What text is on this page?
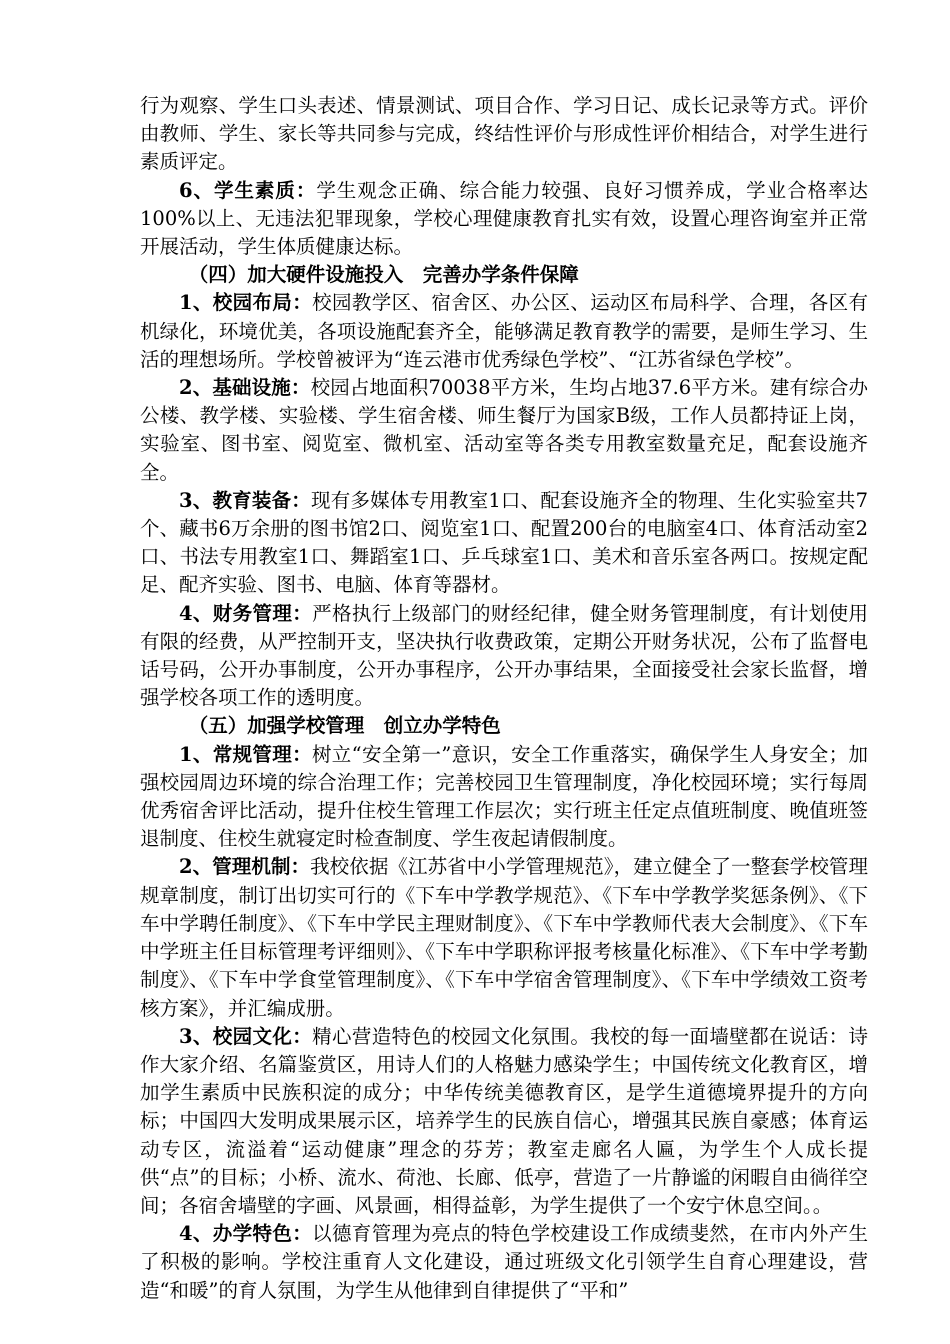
行为观察、学生口头表述、情景测试、项目合作、学习日记、成长记录等方式。评价由教师、学生、家长等共同参与完成，终结性评价与形成性评价相结合，对学生进行素质评定。

6、学生素质：学生观念正确、综合能力较强、良好习惯养成，学业合格率达100%以上、无违法犯罪现象，学校心理健康教育扎实有效，设置心理咨询室并正常开展活动，学生体质健康达标。

（四）加大硬件设施投入　完善办学条件保障

1、校园布局：校园教学区、宿舍区、办公区、运动区布局科学、合理，各区有机绿化，环境优美，各项设施配套齐全，能够满足教育教学的需要，是师生学习、生活的理想场所。学校曾被评为“连云港市优秀绿色学校”、“江苏省绿色学校”。

2、基础设施：校园占地面积70038平方米，生均占地37.6平方米。建有综合办公楼、教学楼、实验楼、学生宿舍楼、师生餐厅为国家B级，工作人员都持证上岗，实验室、图书室、阅览室、微机室、活动室等各类专用教室数量充足，配套设施齐全。

3、教育装备：现有多媒体专用教室1口、配套设施齐全的物理、生化实验室共7个、藏书6万余册的图书馆2口、阅览室1口、配置200台的电脑室4口、体育活动室2口、书法专用教室1口、舞蹈室1口、乒乓球室1口、美术和音乐室各两口。按规定配足、配齐实验、图书、电脑、体育等器材。

4、财务管理：严格执行上级部门的财经纪律，健全财务管理制度，有计划使用有限的经费，从严控制开支，坚决执行收费政策，定期公开财务状况，公布了监督电话号码，公开办事制度，公开办事程序，公开办事结果，全面接受社会家长监督，增强学校各项工作的透明度。

（五）加强学校管理　创立办学特色

1、常规管理：树立“安全第一”意识，安全工作重落实，确保学生人身安全；加强校园周边环境的综合治理工作；完善校园卫生管理制度，净化校园环境；实行每周优秀宿舍评比活动，提升住校生管理工作层次；实行班主任定点值班制度、晚值班签退制度、住校生就寝定时检查制度、学生夜起请假制度。

2、管理机制：我校依据《江苏省中小学管理规范》，建立健全了一整套学校管理规章制度，制订出切实可行的《下车中学教学规范》、《下车中学教学奖惩条例》、《下车中学聘任制度》、《下车中学民主理财制度》、《下车中学教师代表大会制度》、《下车中学班主任目标管理考评细则》、《下车中学职称评报考核量化标准》、《下车中学考勤制度》、《下车中学食堂管理制度》、《下车中学宿舍管理制度》、《下车中学绩效工资考核方案》，并汇编成册。

3、校园文化：精心营造特色的校园文化氛围。我校的每一面墙壁都在说话：诗作大家介绍、名篇鉴赏区，用诗人们的人格魅力感染学生；中国传统文化教育区，增加学生素质中民族积淀的成分；中华传统美德教育区，是学生道德境界提升的方向标；中国四大发明成果展示区，培养学生的民族自信心，增强其民族自豪感；体育运动专区，流溢着“运动健康”理念的芬芳；教室走廊名人匾，为学生个人成长提供“点”的目标；小桥、流水、荷池、长廊、低亭，营造了一片静谧的闲暇自由徜徉空间；各宿舍墙壁的字画、风景画，相得益彰，为学生提供了一个安宁休息空间。。

4、办学特色：以德育管理为亮点的特色学校建设工作成绩斐然，在市内外产生了积极的影响。学校注重育人文化建设，通过班级文化引领学生自育心理建设，营造“和暖”的育人氛围，为学生从他律到自律提供了“平和”
